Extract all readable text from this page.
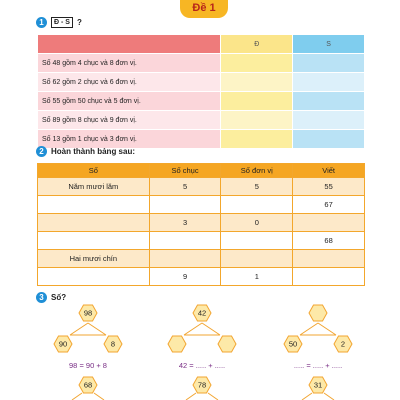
Đề 1
1	Đ - S ?
	Đ	S
Số 48 gồm 4 chục và 8 đơn vị.		
Số 62 gồm 2 chục và 6 đơn vị.		
Số 55 gồm 50 chục và 5 đơn vị.		
Số 89 gồm 8 chục và 9 đơn vị.		
Số 13 gồm 1 chục và 3 đơn vị.		
2 Hoàn thành bảng sau:
Số	Số chục	Số đơn vị	Viết
Năm mươi lăm	5	5	55
			67
	3	0	
			68
Hai mươi chín			
	9	1	
3 Số?
98
90	8
98 = 90 + 8
42
42 = ..... + .....
50	2
..... = ..... + .....
68	78	31
